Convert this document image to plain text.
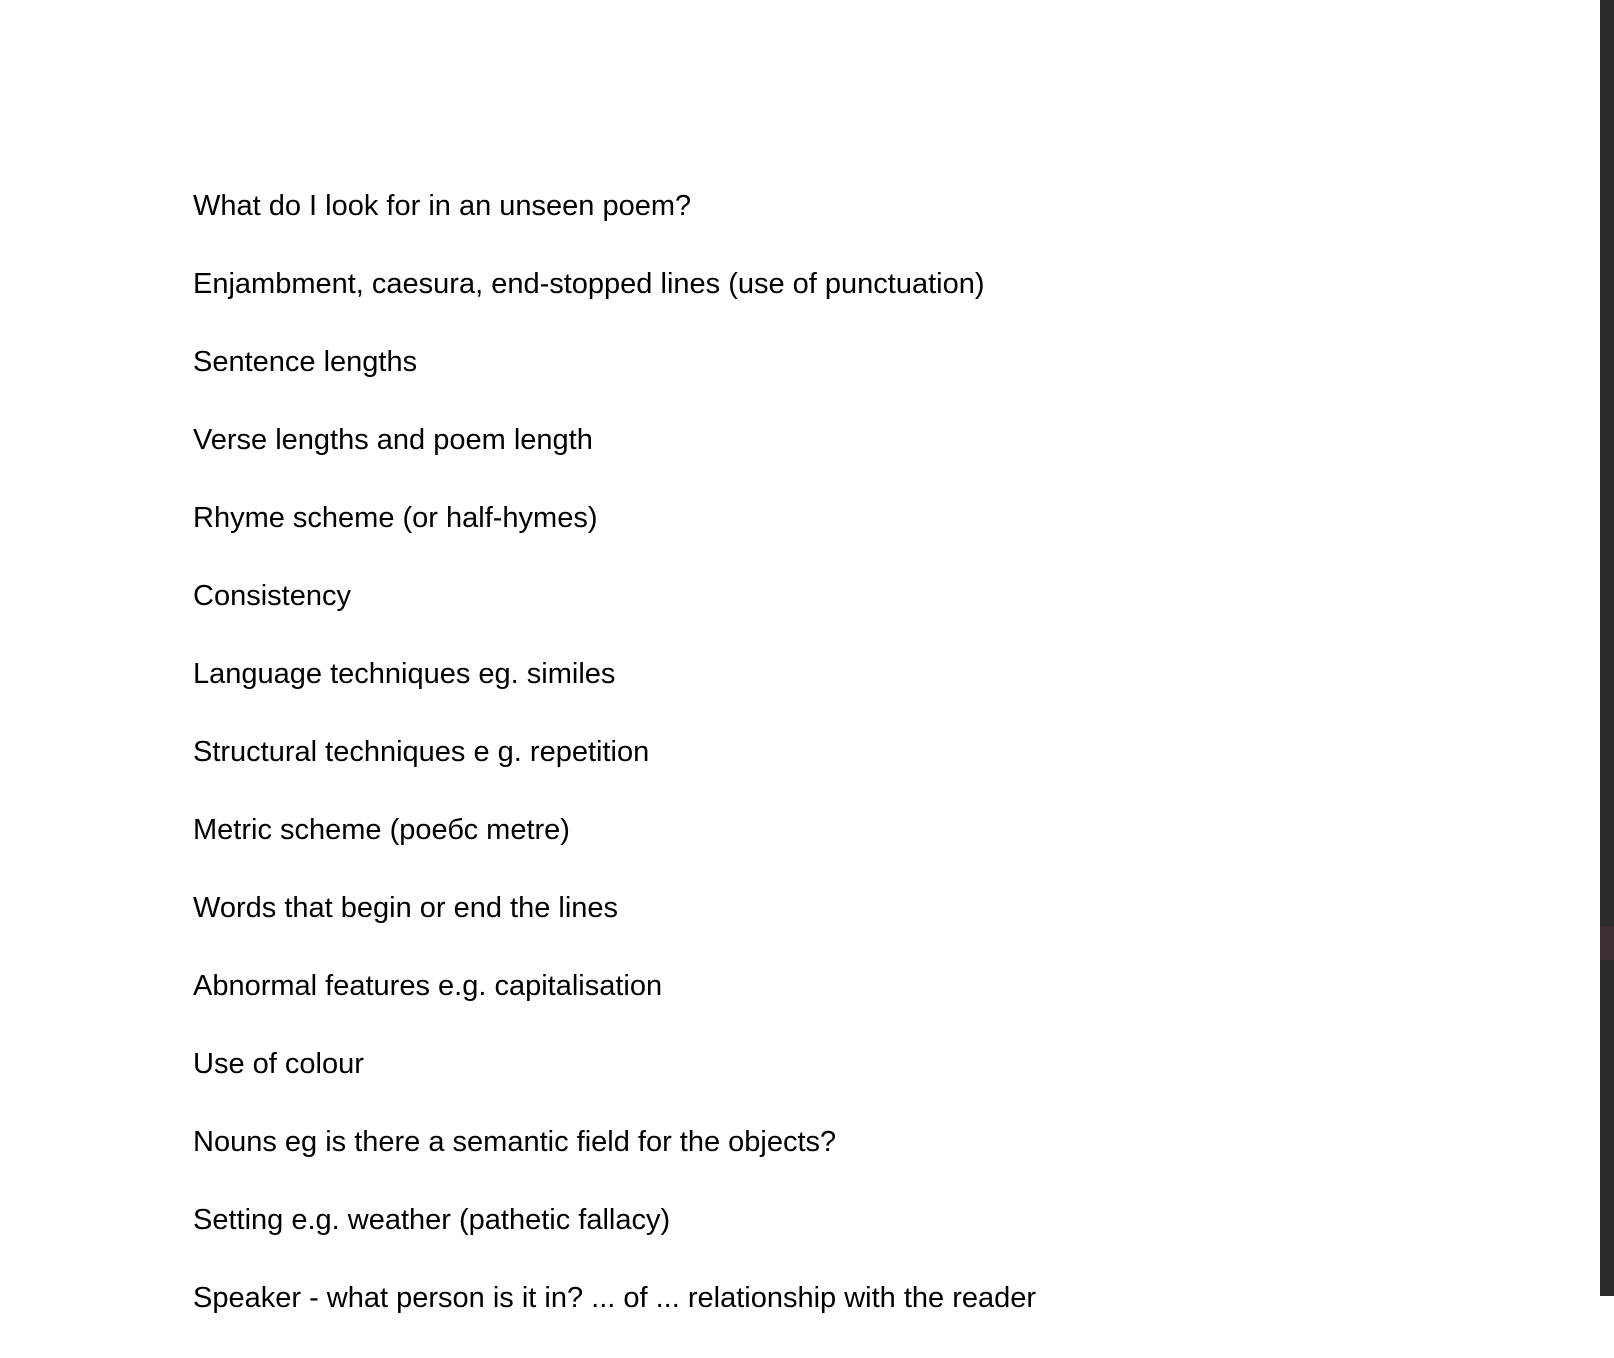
What do I look for in an unseen poem?
Enjambment, caesura, end-stopped lines (use of punctuation)
Sentence lengths
Verse lengths and poem length
Rhyme scheme (or half-hymes)
Consistency
Language techniques eg. similes
Structural techniques e g. repetition
Metric scheme (роебс metre)
Words that begin or end the lines
Abnormal features e.g. capitalisation
Use of colour
Nouns eg is there a semantic field for the objects?
Setting e.g. weather (pathetic fallacy)
Speaker - what person is it in? ... of ... relationship with the reader
